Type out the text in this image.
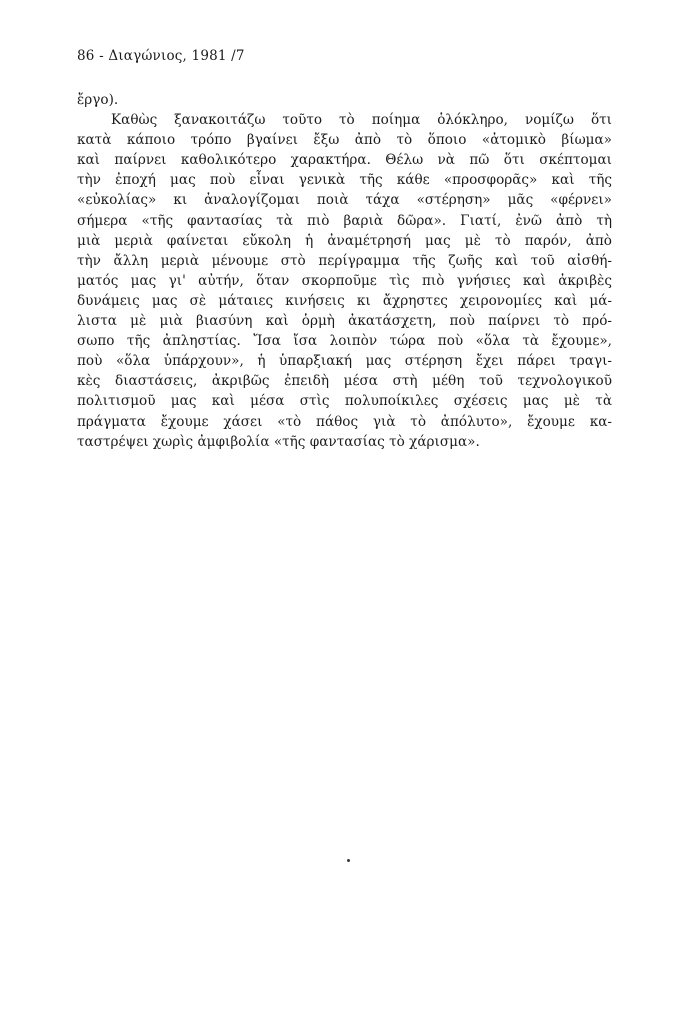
86 - Διαγώνιος, 1981 /7
ἔργο).
Καθὼς ξανακοιτάζω τοῦτο τὸ ποίημα ὁλόκληρο, νομίζω ὅτι
κατὰ κάποιο τρόπο βγαίνει ἔξω ἀπὸ τὸ ὅποιο «ἀτομικὸ βίωμα»
καὶ παίρνει καθολικότερο χαρακτήρα. Θέλω νὰ πῶ ὅτι σκέπτομαι
τὴν ἐποχή μας ποὺ εἶναι γενικὰ τῆς κάθε «προσφορᾶς» καὶ τῆς
«εὐκολίας» κι ἀναλογίζομαι ποιὰ τάχα «στέρηση» μᾶς «φέρνει»
σήμερα «τῆς φαντασίας τὰ πιὸ βαριὰ δῶρα». Γιατί, ἐνῶ ἀπὸ τὴ
μιὰ μεριὰ φαίνεται εὔκολη ἡ ἀναμέτρησή μας μὲ τὸ παρόν, ἀπὸ
τὴν ἄλλη μεριὰ μένουμε στὸ περίγραμμα τῆς ζωῆς καὶ τοῦ αἰσθή-
ματός μας γι' αὐτήν, ὅταν σκορποῦμε τὶς πιὸ γνήσιες καὶ ἀκριβὲς
δυνάμεις μας σὲ μάταιες κινήσεις κι ἄχρηστες χειρονομίες καὶ μά-
λιστα μὲ μιὰ βιασύνη καὶ ὁρμὴ ἀκατάσχετη, ποὺ παίρνει τὸ πρό-
σωπο τῆς ἀπληστίας. Ἴσα ἴσα λοιπὸν τώρα ποὺ «ὅλα τὰ ἔχουμε»,
ποὺ «ὅλα ὑπάρχουν», ἡ ὑπαρξιακή μας στέρηση ἔχει πάρει τραγι-
κὲς διαστάσεις, ἀκριβῶς ἐπειδὴ μέσα στὴ μέθη τοῦ τεχνολογικοῦ
πολιτισμοῦ μας καὶ μέσα στὶς πολυποίκιλες σχέσεις μας μὲ τὰ
πράγματα ἔχουμε χάσει «τὸ πάθος γιὰ τὸ ἀπόλυτο», ἔχουμε κα-
ταστρέψει χωρὶς ἀμφιβολία «τῆς φαντασίας τὸ χάρισμα».
